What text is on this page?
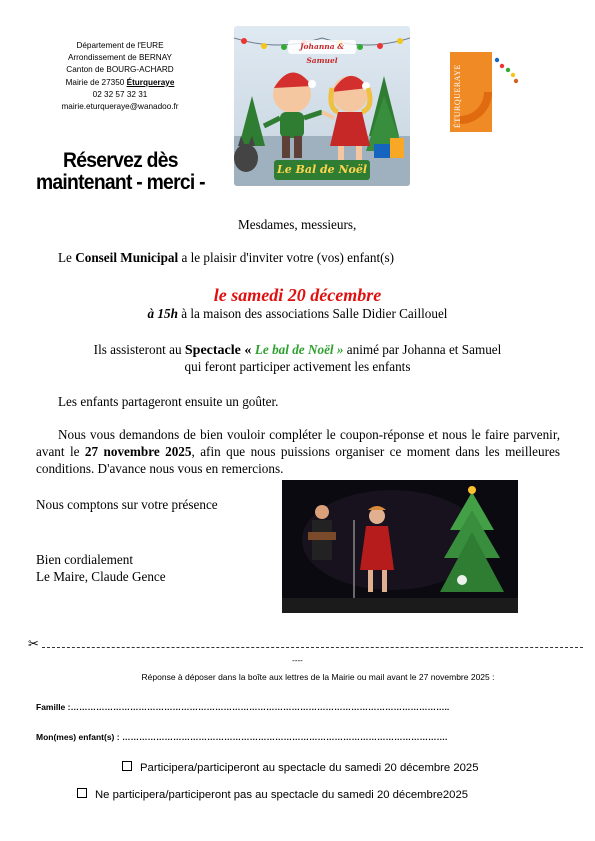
Département de l'EURE
Arrondissement de BERNAY
Canton de BOURG-ACHARD
Mairie de 27350 Éturqueraye
02 32 57 32 31
mairie.eturqueraye@wanadoo.fr
Johanna & Samuel
Le Bal de Noël
ÉTURQUERAYE
Réservez dès
maintenant - merci -
Mesdames, messieurs,
Le Conseil Municipal a le plaisir d'inviter votre (vos) enfant(s)
le samedi 20 décembre
à 15h à la maison des associations Salle Didier Caillouel
Ils assisteront au Spectacle « Le bal de Noël » animé par Johanna et Samuel
qui feront participer activement les enfants
Les enfants partageront ensuite un goûter.
Nous vous demandons de bien vouloir compléter le coupon-réponse et nous le faire parvenir, avant le 27 novembre 2025, afin que nous puissions organiser ce moment dans les meilleures conditions. D'avance nous vous en remercions.
Nous comptons sur votre présence
Bien cordialement
Le Maire, Claude Gence
✂
----
Réponse à déposer dans la boîte aux lettres de la Mairie ou mail avant le 27 novembre 2025 :
Famille :……………………………………………………………………………………………………………………..
Mon(mes) enfant(s) : …………………………………………………………………………………………………….
Participera/participeront au spectacle du samedi 20 décembre 2025
Ne participera/participeront pas au spectacle du samedi 20 décembre2025
